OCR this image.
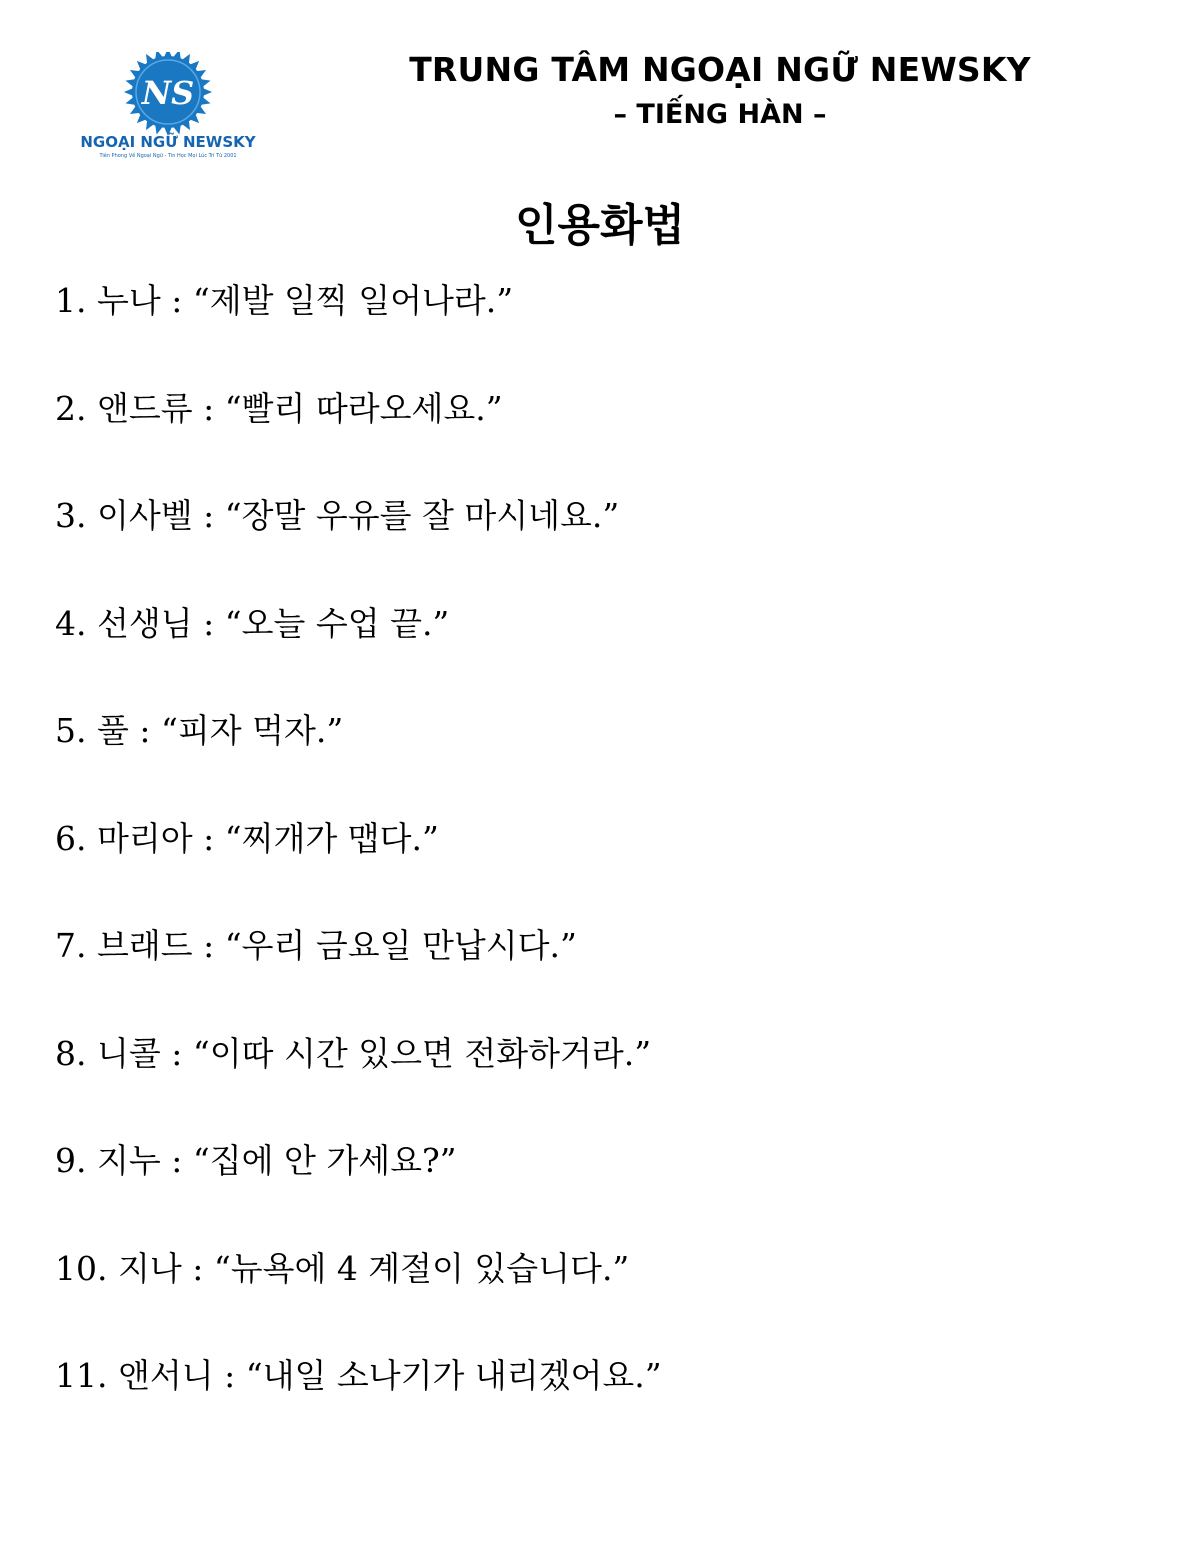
NS
NGOẠI NGỮ NEWSKY
Tiên Phong Về Ngoại Ngữ - Tin Học Mọi Lúc Trí Từ 2001
TRUNG TÂM NGOẠI NGỮ NEWSKY
– TIẾNG HÀN –
인용화법
1. 누나 : “제발 일찍 일어나라.”
2. 앤드류 : “빨리 따라오세요.”
3. 이사벨 : “장말 우유를 잘 마시네요.”
4. 선생님 : “오늘 수업 끝.”
5. 풀 : “피자 먹자.”
6. 마리아 : “찌개가 맵다.”
7. 브래드 : “우리 금요일 만납시다.”
8. 니콜 : “이따 시간 있으면 전화하거라.”
9. 지누 : “집에 안 가세요?”
10. 지나 : “뉴욕에 4 계절이 있습니다.”
11. 앤서니 : “내일 소나기가 내리겠어요.”
